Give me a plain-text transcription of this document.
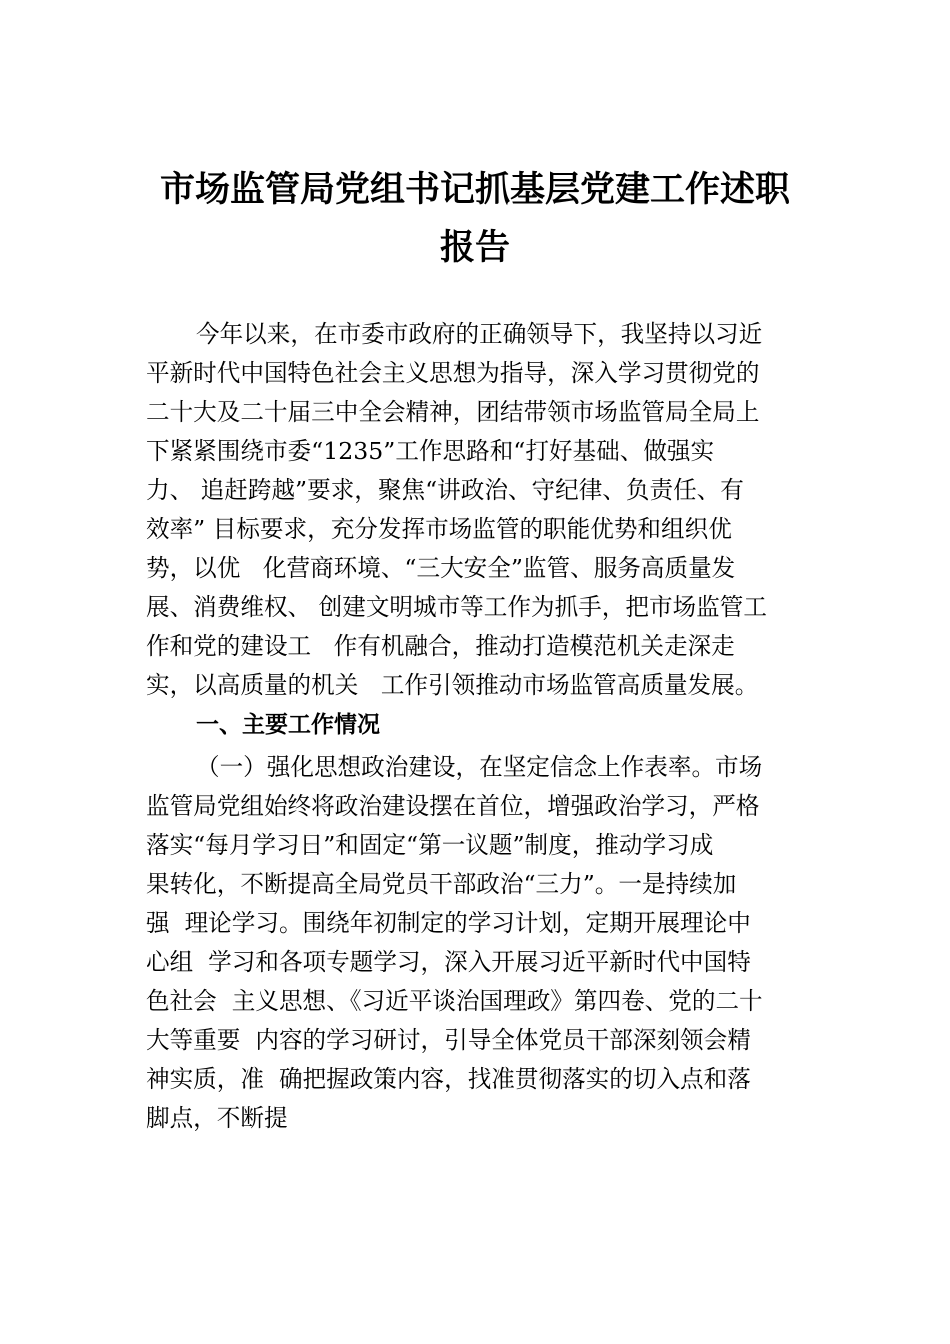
市场监管局党组书记抓基层党建工作述职
报告

今年以来，在市委市政府的正确领导下，我坚持以习近

平新时代中国特色社会主义思想为指导，深入学习贯彻党的

二十大及二十届三中全会精神，团结带领市场监管局全局上

下紧紧围绕市委“1235”工作思路和“打好基础、做强实

力、 追赶跨越”要求，聚焦“讲政治、守纪律、负责任、有

效率” 目标要求，充分发挥市场监管的职能优势和组织优

势，以优   化营商环境、“三大安全”监管、服务高质量发

展、消费维权、 创建文明城市等工作为抓手，把市场监管工

作和党的建设工   作有机融合，推动打造模范机关走深走

实，以高质量的机关   工作引领推动市场监管高质量发展。

一、主要工作情况

（一）强化思想政治建设，在坚定信念上作表率。市场

监管局党组始终将政治建设摆在首位，增强政治学习，严格

落实“每月学习日”和固定“第一议题”制度，推动学习成

果转化，不断提高全局党员干部政治“三力”。一是持续加

强  理论学习。围绕年初制定的学习计划，定期开展理论中

心组  学习和各项专题学习，深入开展习近平新时代中国特

色社会  主义思想、《习近平谈治国理政》第四卷、党的二十

大等重要  内容的学习研讨，引导全体党员干部深刻领会精

神实质，准  确把握政策内容，找准贯彻落实的切入点和落

脚点，不断提
